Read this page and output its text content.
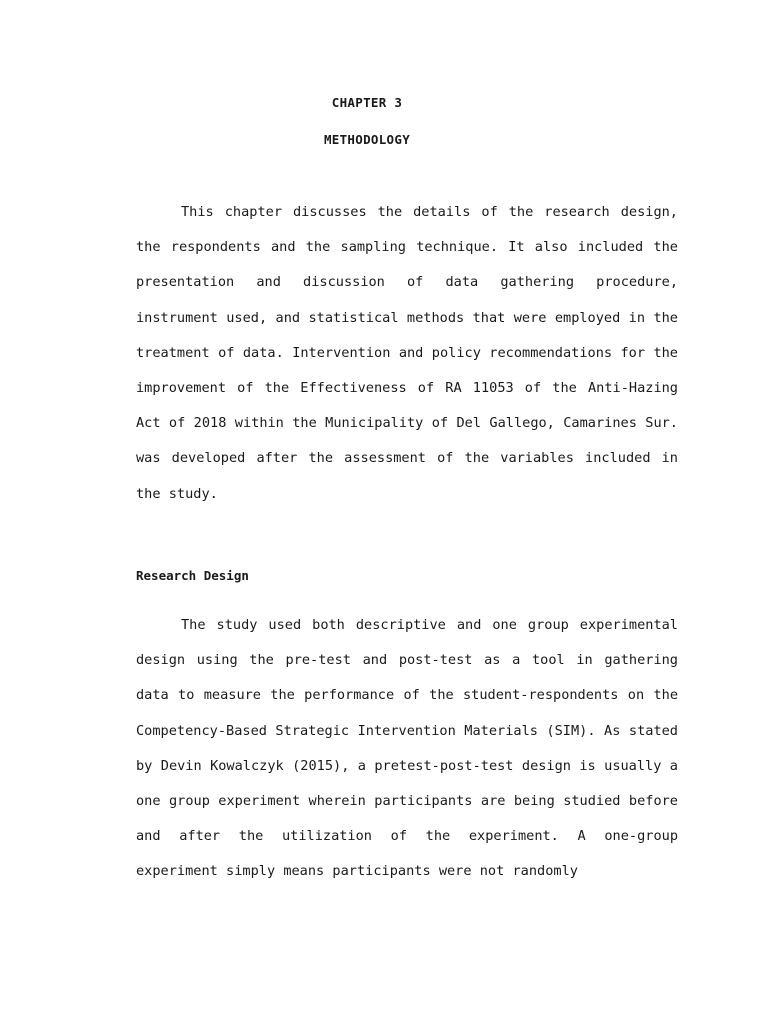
CHAPTER 3
METHODOLOGY

This chapter discusses the details of the research design, the respondents and the sampling technique. It also included the presentation and discussion of data gathering procedure, instrument used, and statistical methods that were employed in the treatment of data. Intervention and policy recommendations for the improvement of the Effectiveness of RA 11053 of the Anti-Hazing Act of 2018 within the Municipality of Del Gallego, Camarines Sur. was developed after the assessment of the variables included in the study.

Research Design

The study used both descriptive and one group experimental design using the pre-test and post-test as a tool in gathering data to measure the performance of the student-respondents on the Competency-Based Strategic Intervention Materials (SIM). As stated by Devin Kowalczyk (2015), a pretest-post-test design is usually a one group experiment wherein participants are being studied before and after the utilization of the experiment. A one-group experiment simply means participants were not randomly
